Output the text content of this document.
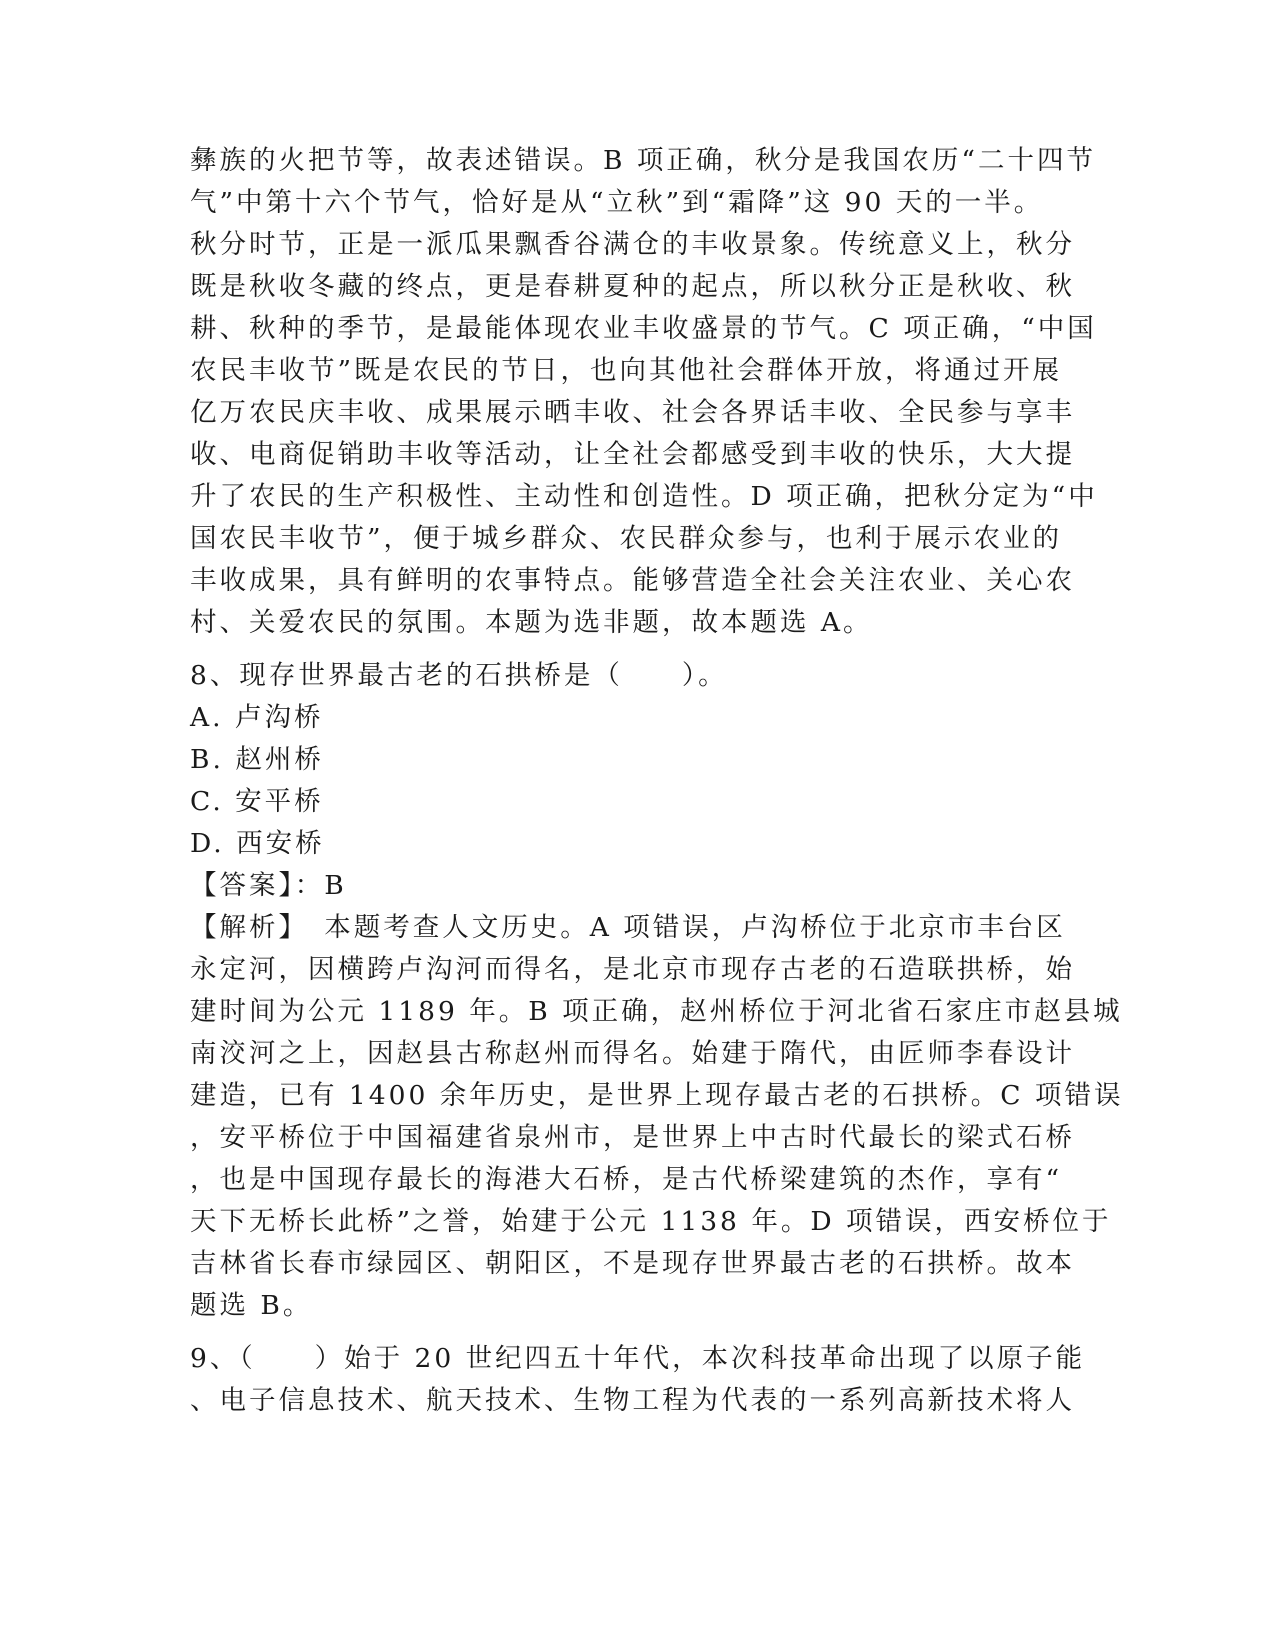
彝族的火把节等，故表述错误。B 项正确，秋分是我国农历“二十四节
气”中第十六个节气，恰好是从“立秋”到“霜降”这 90 天的一半。
秋分时节，正是一派瓜果飘香谷满仓的丰收景象。传统意义上，秋分
既是秋收冬藏的终点，更是春耕夏种的起点，所以秋分正是秋收、秋
耕、秋种的季节，是最能体现农业丰收盛景的节气。C 项正确，“中国
农民丰收节”既是农民的节日，也向其他社会群体开放，将通过开展
亿万农民庆丰收、成果展示晒丰收、社会各界话丰收、全民参与享丰
收、电商促销助丰收等活动，让全社会都感受到丰收的快乐，大大提
升了农民的生产积极性、主动性和创造性。D 项正确，把秋分定为“中
国农民丰收节”，便于城乡群众、农民群众参与，也利于展示农业的
丰收成果，具有鲜明的农事特点。能够营造全社会关注农业、关心农
村、关爱农民的氛围。本题为选非题，故本题选 A。
8、现存世界最古老的石拱桥是（　　）。
A. 卢沟桥
B. 赵州桥
C. 安平桥
D. 西安桥
【答案】：B
【解析】　本题考查人文历史。A 项错误，卢沟桥位于北京市丰台区
永定河，因横跨卢沟河而得名，是北京市现存古老的石造联拱桥，始
建时间为公元 1189 年。B 项正确，赵州桥位于河北省石家庄市赵县城
南洨河之上，因赵县古称赵州而得名。始建于隋代，由匠师李春设计
建造，已有 1400 余年历史，是世界上现存最古老的石拱桥。C 项错误
，安平桥位于中国福建省泉州市，是世界上中古时代最长的梁式石桥
，也是中国现存最长的海港大石桥，是古代桥梁建筑的杰作，享有“
天下无桥长此桥”之誉，始建于公元 1138 年。D 项错误，西安桥位于
吉林省长春市绿园区、朝阳区，不是现存世界最古老的石拱桥。故本
题选 B。
9、（　　）始于 20 世纪四五十年代，本次科技革命出现了以原子能
、电子信息技术、航天技术、生物工程为代表的一系列高新技术将人
